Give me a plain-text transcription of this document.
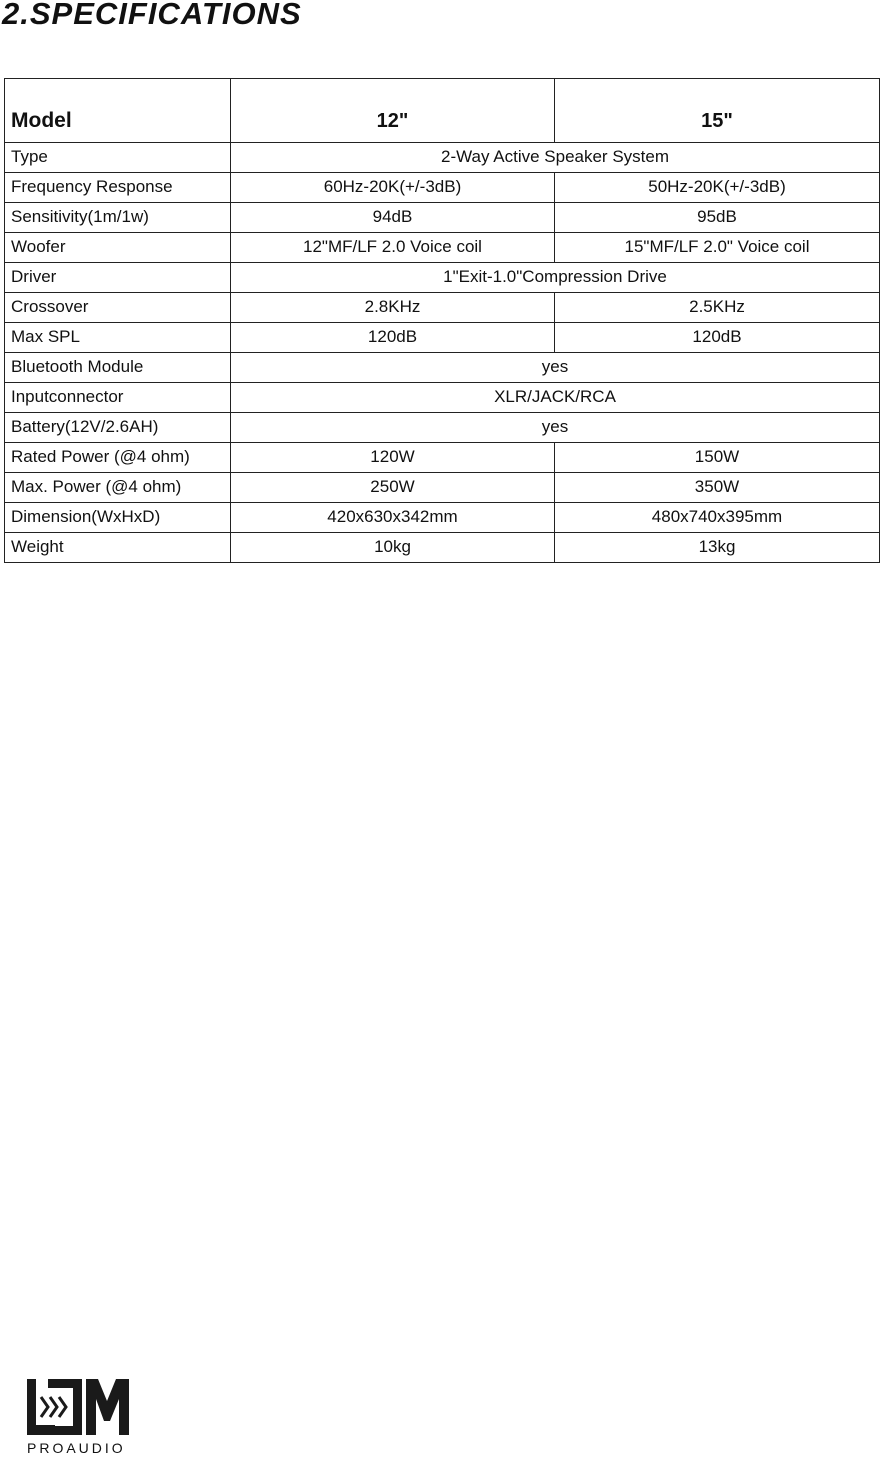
2.SPECIFICATIONS
Model	12"	15"
Type	2-Way Active Speaker System	
Frequency Response	60Hz-20K(+/-3dB)	50Hz-20K(+/-3dB)
Sensitivity(1m/1w)	94dB	95dB
Woofer	12"MF/LF 2.0 Voice coil	15"MF/LF 2.0" Voice coil
Driver	1"Exit-1.0"Compression Drive	
Crossover	2.8KHz	2.5KHz
Max SPL	120dB	120dB
Bluetooth Module	yes	
Inputconnector	XLR/JACK/RCA	
Battery(12V/2.6AH)	yes	
Rated Power (@4 ohm)	120W	150W
Max. Power (@4 ohm)	250W	350W
Dimension(WxHxD)	420x630x342mm	480x740x395mm
Weight	10kg	13kg
PROAUDIO
